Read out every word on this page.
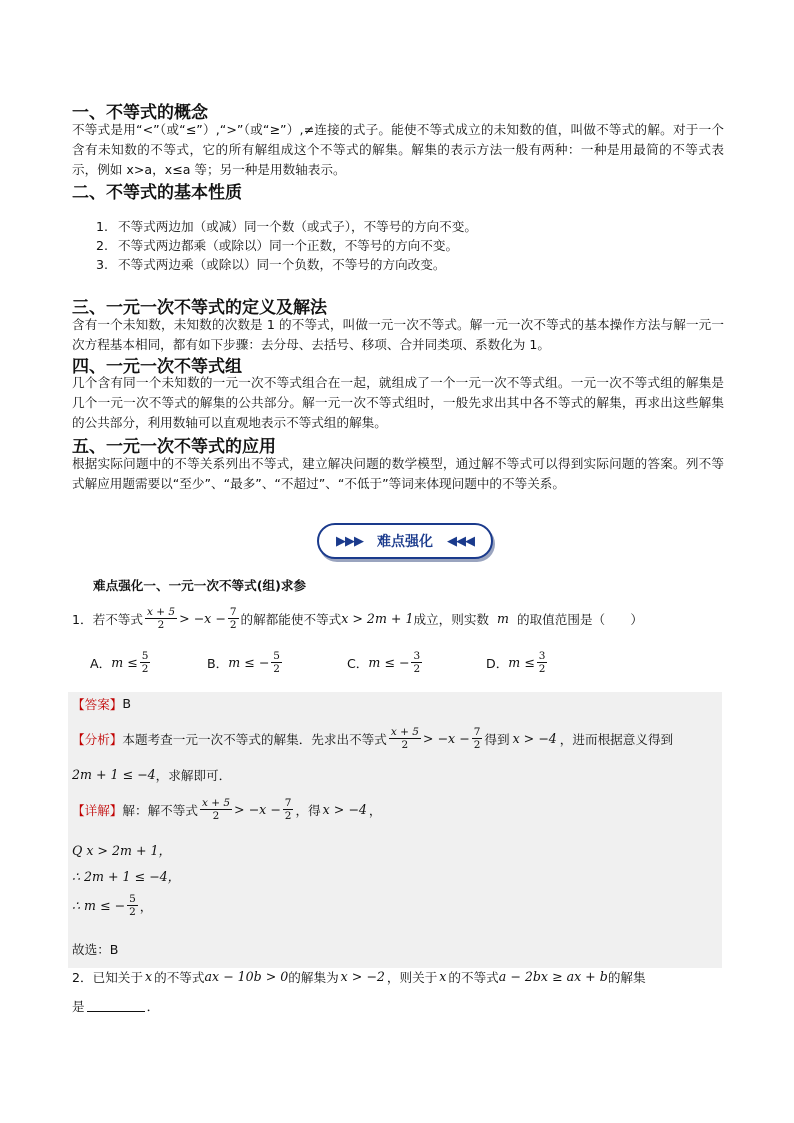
一、不等式的概念

不等式是用“<”（或“≤”）,“>”（或“≥”）,≠连接的式子。能使不等式成立的未知数的值，叫做不等式的解。对于一个含有未知数的不等式，它的所有解组成这个不等式的解集。解集的表示方法一般有两种：一种是用最简的不等式表示，例如 x>a，x≤a 等；另一种是用数轴表示。

二、不等式的基本性质
1. 不等式两边加（或减）同一个数（或式子），不等号的方向不变。
2. 不等式两边都乘（或除以）同一个正数，不等号的方向不变。
3. 不等式两边乘（或除以）同一个负数，不等号的方向改变。
三、一元一次不等式的定义及解法

含有一个未知数，未知数的次数是 1 的不等式，叫做一元一次不等式。解一元一次不等式的基本操作方法与解一元一次方程基本相同，都有如下步骤：去分母、去括号、移项、合并同类项、系数化为 1。

四、一元一次不等式组

几个含有同一个未知数的一元一次不等式组合在一起，就组成了一个一元一次不等式组。一元一次不等式组的解集是几个一元一次不等式的解集的公共部分。解一元一次不等式组时，一般先求出其中各不等式的解集，再求出这些解集的公共部分，利用数轴可以直观地表示不等式组的解集。

五、一元一次不等式的应用

根据实际问题中的不等关系列出不等式，建立解决问题的数学模型，通过解不等式可以得到实际问题的答案。列不等式解应用题需要以“至少”、“最多”、“不超过”、“不低于”等词来体现问题中的不等关系。

▶▶▶ 难点强化 ◀◀◀
难点强化一、一元一次不等式(组)求参
1．若不等式 $\frac{x + 5}{2} > -x - \frac{7}{2}$ 的解都能使不等式 x > 2m + 1 成立，则实数 m 的取值范围是（　　）
A． $m \le \frac{5}{2}$	B． m ≤ − $\frac{5}{2}$	C． m ≤ − $\frac{3}{2}$	D． $m \le \frac{3}{2}$
【答案】 B
【分析】 本题考查一元一次不等式的解集．先求出不等式 $\frac{x + 5}{2} > -x - \frac{7}{2}$ 得到 x > −4 ，进而根据意义得到
2m + 1 ≤ −4 ，求解即可．
【详解】 解：解不等式 $\frac{x + 5}{2} > -x - \frac{7}{2}$ ，得 x > −4 ，
Q x > 2m + 1，
∴ 2m + 1 ≤ −4，
∴ m ≤ − $\frac{5}{2}$ ，
故选：B
2．已知关于 x 的不等式 ax − 10b > 0 的解集为 x > −2 ，则关于 x 的不等式 a − 2bx ≥ ax + b 的解集
是	．
